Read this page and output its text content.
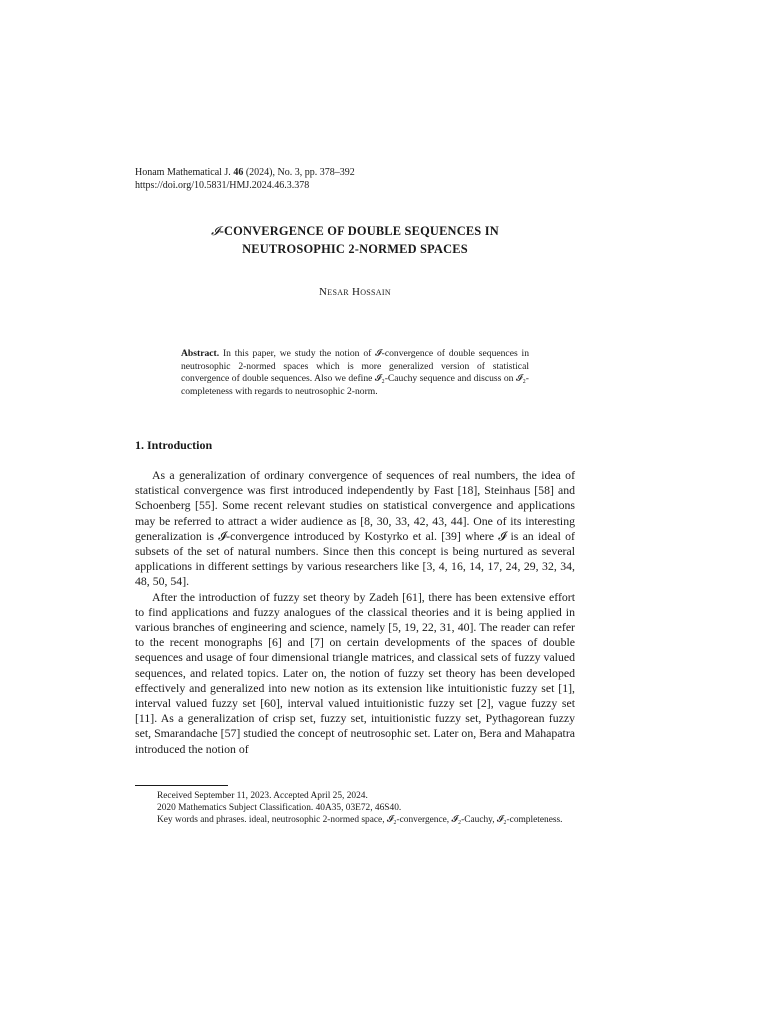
Honam Mathematical J. 46 (2024), No. 3, pp. 378–392
https://doi.org/10.5831/HMJ.2024.46.3.378
𝓘-CONVERGENCE OF DOUBLE SEQUENCES IN
NEUTROSOPHIC 2-NORMED SPACES
Nesar Hossain
Abstract. In this paper, we study the notion of 𝓘-convergence of double sequences in neutrosophic 2-normed spaces which is more generalized version of statistical convergence of double sequences. Also we define 𝓘₂-Cauchy sequence and discuss on 𝓘₂-completeness with regards to neutrosophic 2-norm.
1. Introduction

As a generalization of ordinary convergence of sequences of real numbers, the idea of statistical convergence was first introduced independently by Fast [18], Steinhaus [58] and Schoenberg [55]. Some recent relevant studies on statistical convergence and applications may be referred to attract a wider audience as [8, 30, 33, 42, 43, 44]. One of its interesting generalization is 𝓘-convergence introduced by Kostyrko et al. [39] where 𝓘 is an ideal of subsets of the set of natural numbers. Since then this concept is being nurtured as several applications in different settings by various researchers like [3, 4, 16, 14, 17, 24, 29, 32, 34, 48, 50, 54].

After the introduction of fuzzy set theory by Zadeh [61], there has been extensive effort to find applications and fuzzy analogues of the classical theories and it is being applied in various branches of engineering and science, namely [5, 19, 22, 31, 40]. The reader can refer to the recent monographs [6] and [7] on certain developments of the spaces of double sequences and usage of four dimensional triangle matrices, and classical sets of fuzzy valued sequences, and related topics. Later on, the notion of fuzzy set theory has been developed effectively and generalized into new notion as its extension like intuitionistic fuzzy set [1], interval valued fuzzy set [60], interval valued intuitionistic fuzzy set [2], vague fuzzy set [11]. As a generalization of crisp set, fuzzy set, intuitionistic fuzzy set, Pythagorean fuzzy set, Smarandache [57] studied the concept of neutrosophic set. Later on, Bera and Mahapatra introduced the notion of

Received September 11, 2023. Accepted April 25, 2024.

2020 Mathematics Subject Classification. 40A35, 03E72, 46S40.

Key words and phrases. ideal, neutrosophic 2-normed space, 𝓘₂-convergence, 𝓘₂-Cauchy, 𝓘₂-completeness.
